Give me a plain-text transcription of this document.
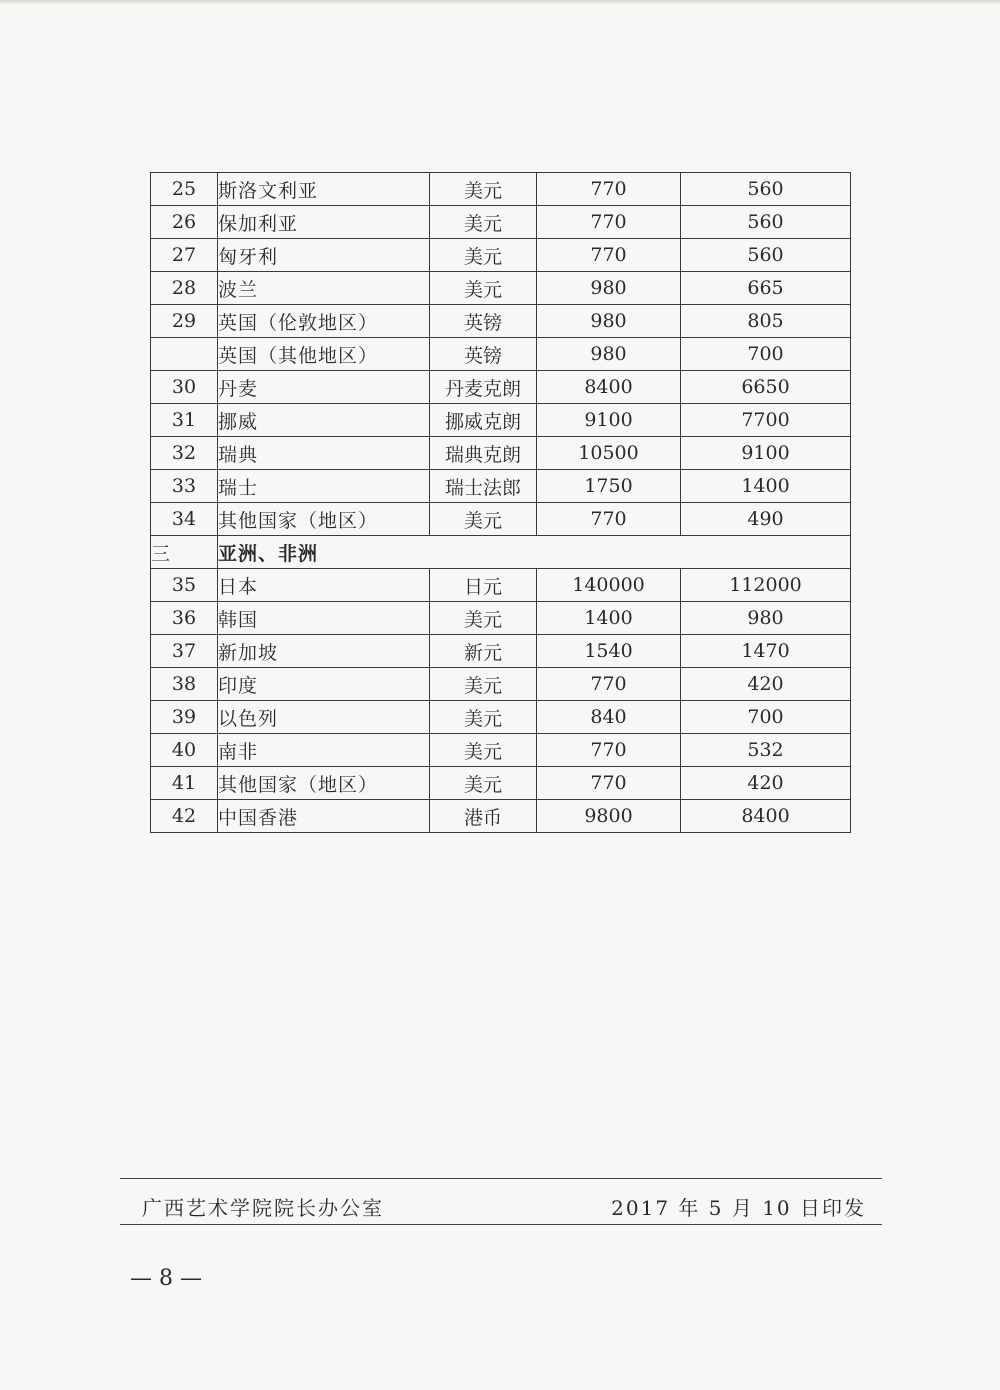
25	斯洛文利亚	美元	770	560
26	保加利亚	美元	770	560
27	匈牙利	美元	770	560
28	波兰	美元	980	665
29	英国（伦敦地区）	英镑	980	805
	英国（其他地区）	英镑	980	700
30	丹麦	丹麦克朗	8400	6650
31	挪威	挪威克朗	9100	7700
32	瑞典	瑞典克朗	10500	9100
33	瑞士	瑞士法郎	1750	1400
34	其他国家（地区）	美元	770	490
三	亚洲、非洲			
35	日本	日元	140000	112000
36	韩国	美元	1400	980
37	新加坡	新元	1540	1470
38	印度	美元	770	420
39	以色列	美元	840	700
40	南非	美元	770	532
41	其他国家（地区）	美元	770	420
42	中国香港	港币	9800	8400
广西艺术学院院长办公室	2017 年 5 月 10 日印发
— 8 —
